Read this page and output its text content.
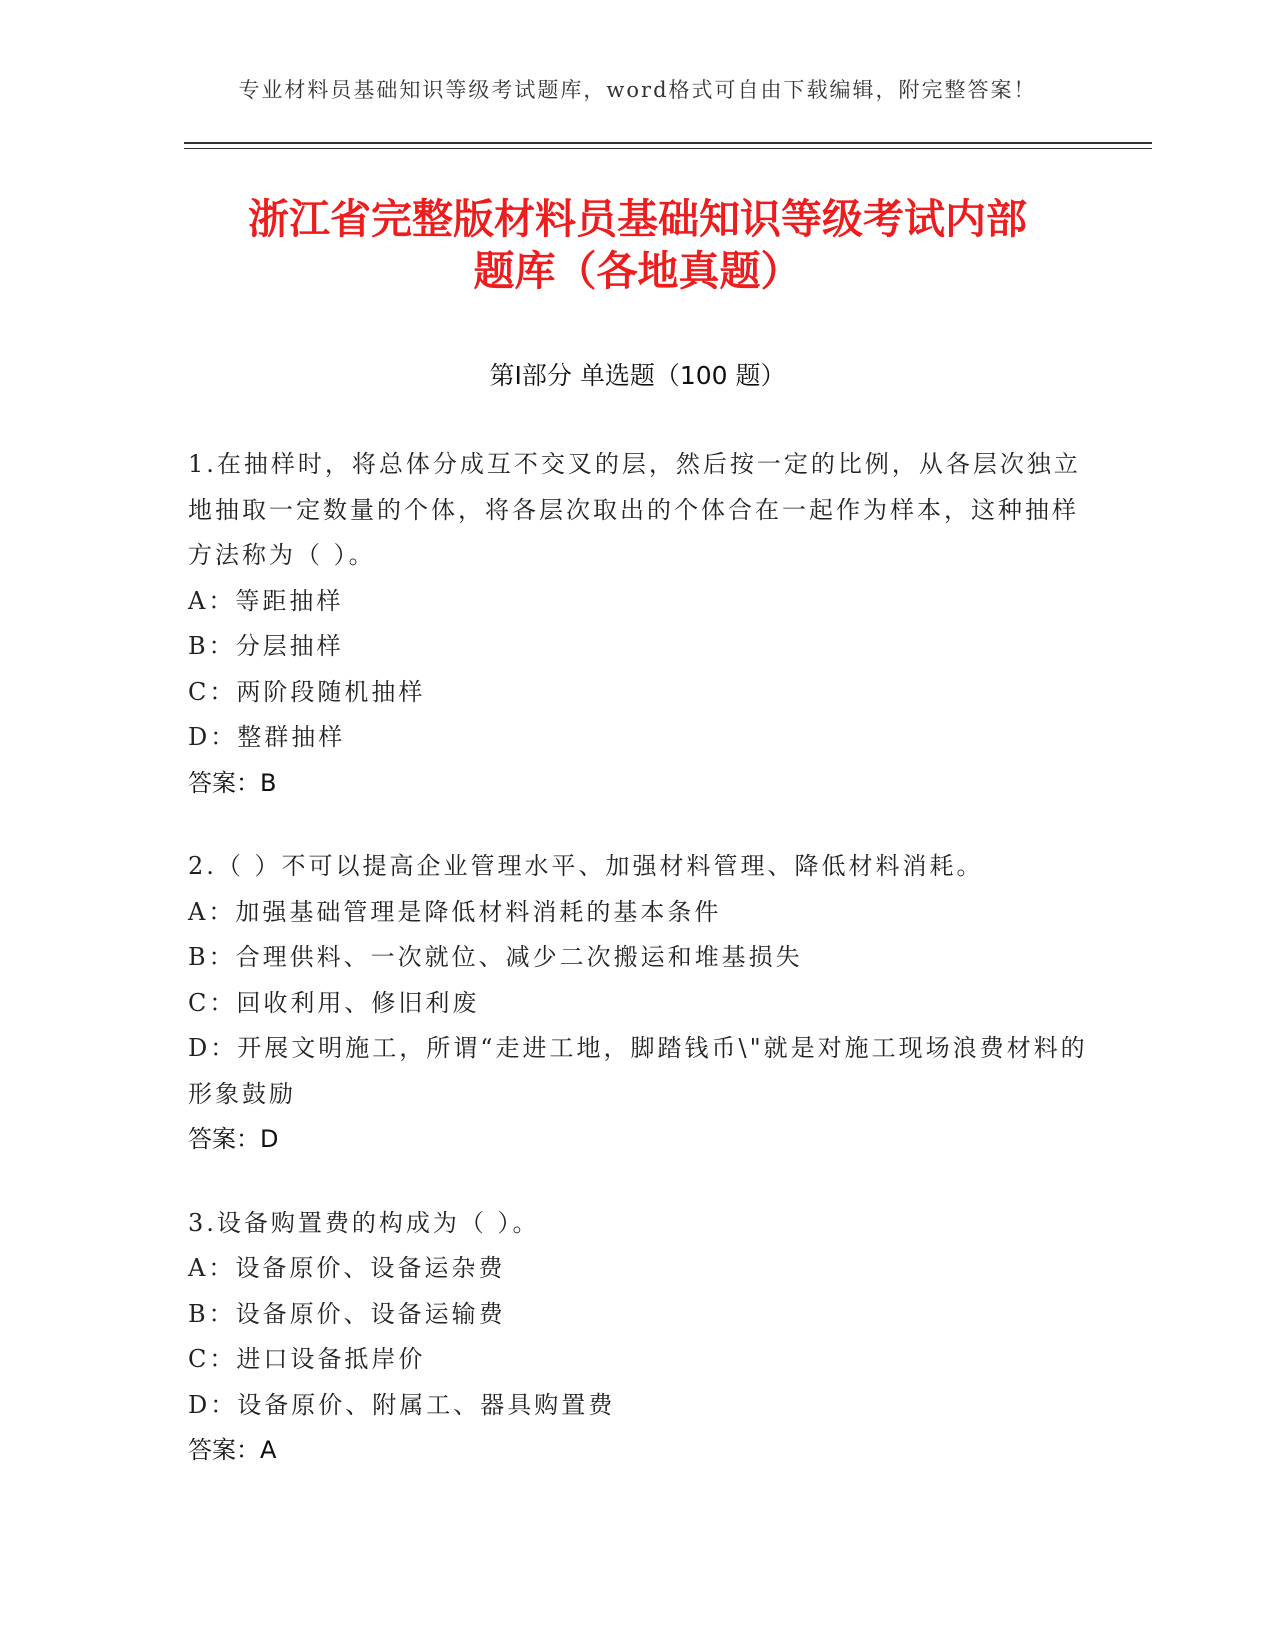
专业材料员基础知识等级考试题库，word格式可自由下载编辑，附完整答案！
浙江省完整版材料员基础知识等级考试内部
题库（各地真题）
第Ⅰ部分 单选题（100 题）
1.在抽样时，将总体分成互不交叉的层，然后按一定的比例，从各层次独立地抽取一定数量的个体，将各层次取出的个体合在一起作为样本，这种抽样方法称为（ ）。
A：等距抽样
B：分层抽样
C：两阶段随机抽样
D：整群抽样
答案：B
2.（ ）不可以提高企业管理水平、加强材料管理、降低材料消耗。
A：加强基础管理是降低材料消耗的基本条件
B：合理供料、一次就位、减少二次搬运和堆基损失
C：回收利用、修旧利废
D：开展文明施工，所谓“走进工地，脚踏钱币\"就是对施工现场浪费材料的形象鼓励
答案：D
3.设备购置费的构成为（ ）。
A：设备原价、设备运杂费
B：设备原价、设备运输费
C：进口设备抵岸价
D：设备原价、附属工、器具购置费
答案：A
